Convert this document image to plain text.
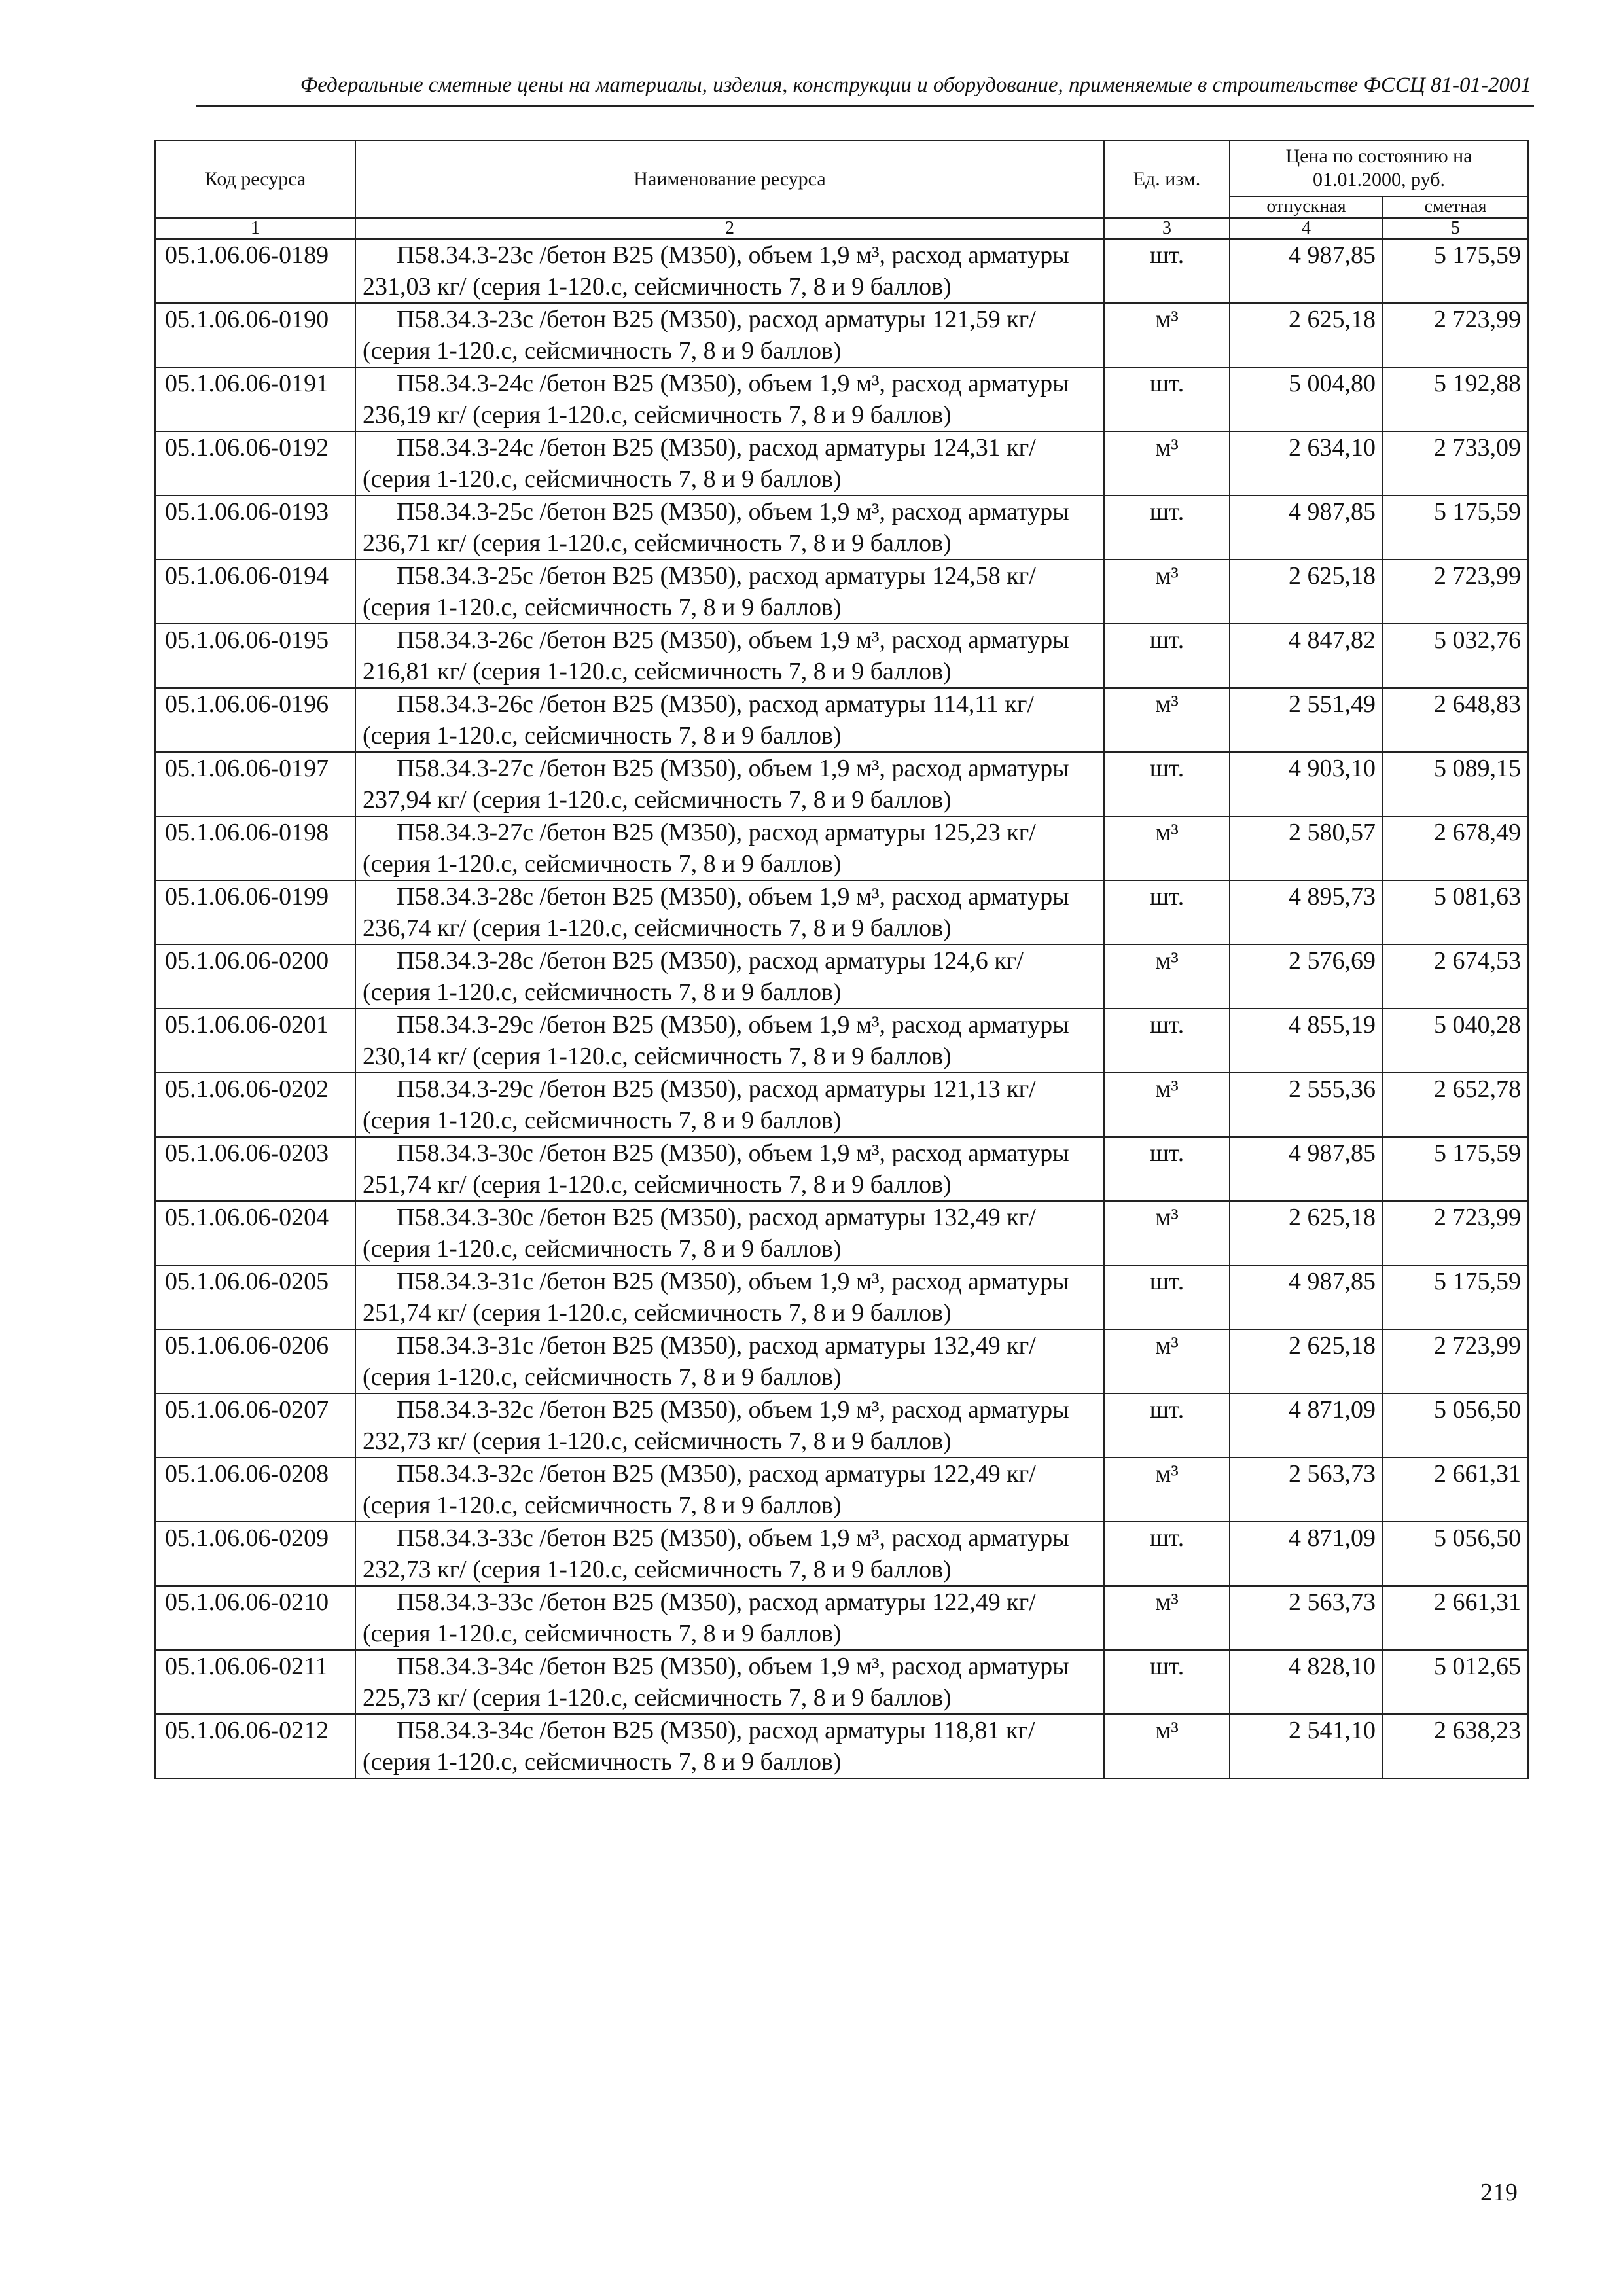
Федеральные сметные цены на материалы, изделия, конструкции и оборудование, применяемые в строительстве ФССЦ 81-01-2001
Код ресурса	Наименование ресурса	Ед. изм.	Цена по состоянию на 01.01.2000, руб.	
			отпускная	сметная
1	2	3	4	5
05.1.06.06-0189	П58.34.3-23с /бетон В25 (М350), объем 1,9 м³, расход арматуры 231,03 кг/ (серия 1-120.с, сейсмичность 7, 8 и 9 баллов)	шт.	4 987,85	5 175,59
05.1.06.06-0190	П58.34.3-23с /бетон В25 (М350), расход арматуры 121,59 кг/ (серия 1-120.с, сейсмичность 7, 8 и 9 баллов)	м³	2 625,18	2 723,99
05.1.06.06-0191	П58.34.3-24с /бетон В25 (М350), объем 1,9 м³, расход арматуры 236,19 кг/ (серия 1-120.с, сейсмичность 7, 8 и 9 баллов)	шт.	5 004,80	5 192,88
05.1.06.06-0192	П58.34.3-24с /бетон В25 (М350), расход арматуры 124,31 кг/ (серия 1-120.с, сейсмичность 7, 8 и 9 баллов)	м³	2 634,10	2 733,09
05.1.06.06-0193	П58.34.3-25с /бетон В25 (М350), объем 1,9 м³, расход арматуры 236,71 кг/ (серия 1-120.с, сейсмичность 7, 8 и 9 баллов)	шт.	4 987,85	5 175,59
05.1.06.06-0194	П58.34.3-25с /бетон В25 (М350), расход арматуры 124,58 кг/ (серия 1-120.с, сейсмичность 7, 8 и 9 баллов)	м³	2 625,18	2 723,99
05.1.06.06-0195	П58.34.3-26с /бетон В25 (М350), объем 1,9 м³, расход арматуры 216,81 кг/ (серия 1-120.с, сейсмичность 7, 8 и 9 баллов)	шт.	4 847,82	5 032,76
05.1.06.06-0196	П58.34.3-26с /бетон В25 (М350), расход арматуры 114,11 кг/ (серия 1-120.с, сейсмичность 7, 8 и 9 баллов)	м³	2 551,49	2 648,83
05.1.06.06-0197	П58.34.3-27с /бетон В25 (М350), объем 1,9 м³, расход арматуры 237,94 кг/ (серия 1-120.с, сейсмичность 7, 8 и 9 баллов)	шт.	4 903,10	5 089,15
05.1.06.06-0198	П58.34.3-27с /бетон В25 (М350), расход арматуры 125,23 кг/ (серия 1-120.с, сейсмичность 7, 8 и 9 баллов)	м³	2 580,57	2 678,49
05.1.06.06-0199	П58.34.3-28с /бетон В25 (М350), объем 1,9 м³, расход арматуры 236,74 кг/ (серия 1-120.с, сейсмичность 7, 8 и 9 баллов)	шт.	4 895,73	5 081,63
05.1.06.06-0200	П58.34.3-28с /бетон В25 (М350), расход арматуры 124,6 кг/ (серия 1-120.с, сейсмичность 7, 8 и 9 баллов)	м³	2 576,69	2 674,53
05.1.06.06-0201	П58.34.3-29с /бетон В25 (М350), объем 1,9 м³, расход арматуры 230,14 кг/ (серия 1-120.с, сейсмичность 7, 8 и 9 баллов)	шт.	4 855,19	5 040,28
05.1.06.06-0202	П58.34.3-29с /бетон В25 (М350), расход арматуры 121,13 кг/ (серия 1-120.с, сейсмичность 7, 8 и 9 баллов)	м³	2 555,36	2 652,78
05.1.06.06-0203	П58.34.3-30с /бетон В25 (М350), объем 1,9 м³, расход арматуры 251,74 кг/ (серия 1-120.с, сейсмичность 7, 8 и 9 баллов)	шт.	4 987,85	5 175,59
05.1.06.06-0204	П58.34.3-30с /бетон В25 (М350), расход арматуры 132,49 кг/ (серия 1-120.с, сейсмичность 7, 8 и 9 баллов)	м³	2 625,18	2 723,99
05.1.06.06-0205	П58.34.3-31с /бетон В25 (М350), объем 1,9 м³, расход арматуры 251,74 кг/ (серия 1-120.с, сейсмичность 7, 8 и 9 баллов)	шт.	4 987,85	5 175,59
05.1.06.06-0206	П58.34.3-31с /бетон В25 (М350), расход арматуры 132,49 кг/ (серия 1-120.с, сейсмичность 7, 8 и 9 баллов)	м³	2 625,18	2 723,99
05.1.06.06-0207	П58.34.3-32с /бетон В25 (М350), объем 1,9 м³, расход арматуры 232,73 кг/ (серия 1-120.с, сейсмичность 7, 8 и 9 баллов)	шт.	4 871,09	5 056,50
05.1.06.06-0208	П58.34.3-32с /бетон В25 (М350), расход арматуры 122,49 кг/ (серия 1-120.с, сейсмичность 7, 8 и 9 баллов)	м³	2 563,73	2 661,31
05.1.06.06-0209	П58.34.3-33с /бетон В25 (М350), объем 1,9 м³, расход арматуры 232,73 кг/ (серия 1-120.с, сейсмичность 7, 8 и 9 баллов)	шт.	4 871,09	5 056,50
05.1.06.06-0210	П58.34.3-33с /бетон В25 (М350), расход арматуры 122,49 кг/ (серия 1-120.с, сейсмичность 7, 8 и 9 баллов)	м³	2 563,73	2 661,31
05.1.06.06-0211	П58.34.3-34с /бетон В25 (М350), объем 1,9 м³, расход арматуры 225,73 кг/ (серия 1-120.с, сейсмичность 7, 8 и 9 баллов)	шт.	4 828,10	5 012,65
05.1.06.06-0212	П58.34.3-34с /бетон В25 (М350), расход арматуры 118,81 кг/ (серия 1-120.с, сейсмичность 7, 8 и 9 баллов)	м³	2 541,10	2 638,23
219
